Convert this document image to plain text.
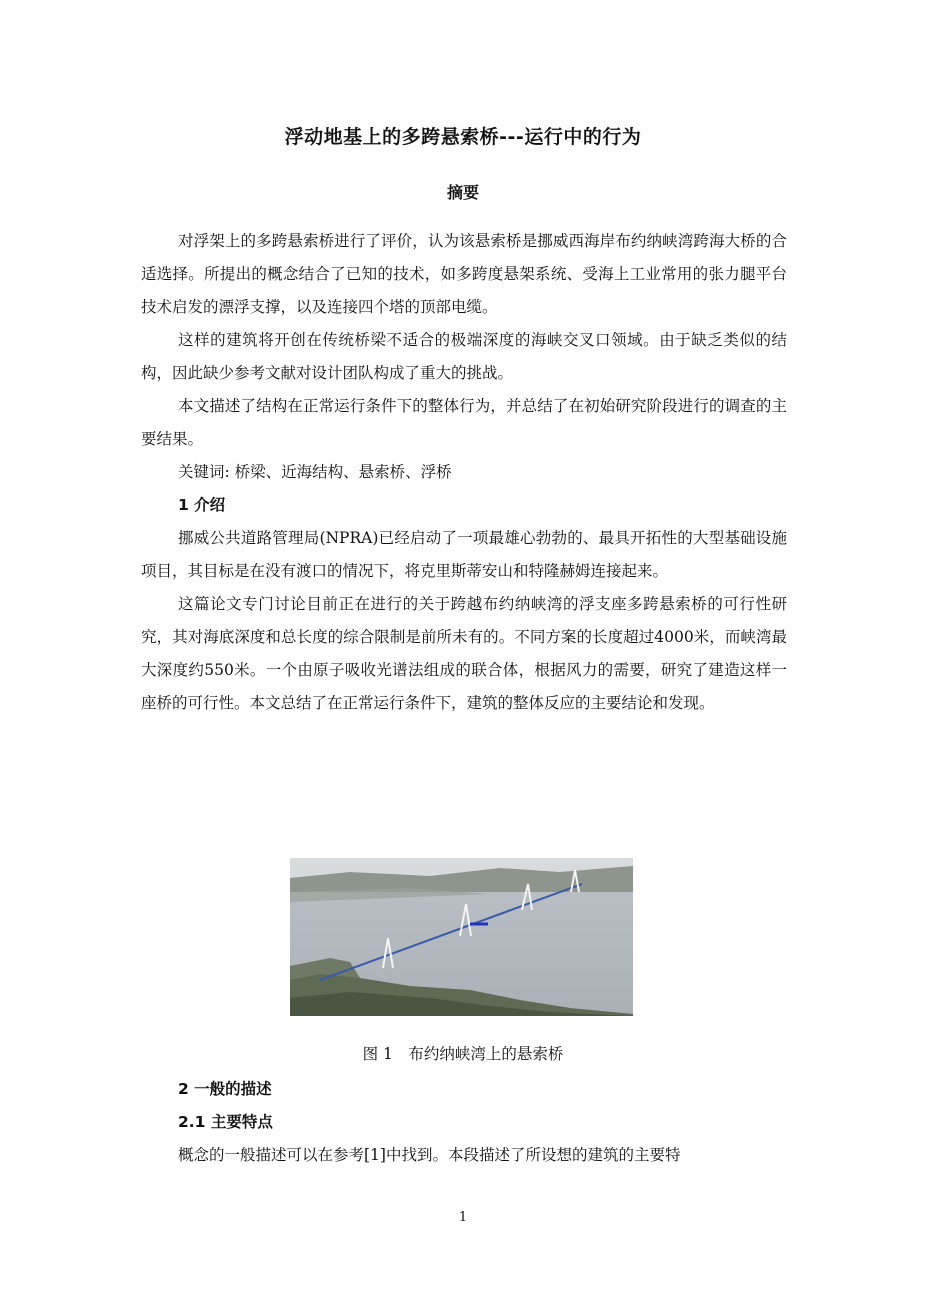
浮动地基上的多跨悬索桥---运行中的行为
摘要

对浮架上的多跨悬索桥进行了评价，认为该悬索桥是挪威西海岸布约纳峡湾跨海大桥的合适选择。所提出的概念结合了已知的技术，如多跨度悬架系统、受海上工业常用的张力腿平台技术启发的漂浮支撑，以及连接四个塔的顶部电缆。

这样的建筑将开创在传统桥梁不适合的极端深度的海峡交叉口领域。由于缺乏类似的结构，因此缺少参考文献对设计团队构成了重大的挑战。

本文描述了结构在正常运行条件下的整体行为，并总结了在初始研究阶段进行的调查的主要结果。

关键词: 桥梁、近海结构、悬索桥、浮桥

1 介绍

挪威公共道路管理局(NPRA)已经启动了一项最雄心勃勃的、最具开拓性的大型基础设施项目，其目标是在没有渡口的情况下，将克里斯蒂安山和特隆赫姆连接起来。

这篇论文专门讨论目前正在进行的关于跨越布约纳峡湾的浮支座多跨悬索桥的可行性研究，其对海底深度和总长度的综合限制是前所未有的。不同方案的长度超过4000米，而峡湾最大深度约550米。一个由原子吸收光谱法组成的联合体，根据风力的需要，研究了建造这样一座桥的可行性。本文总结了在正常运行条件下，建筑的整体反应的主要结论和发现。

图 1　布约纳峡湾上的悬索桥

2 一般的描述

2.1 主要特点

概念的一般描述可以在参考[1]中找到。本段描述了所设想的建筑的主要特

1
